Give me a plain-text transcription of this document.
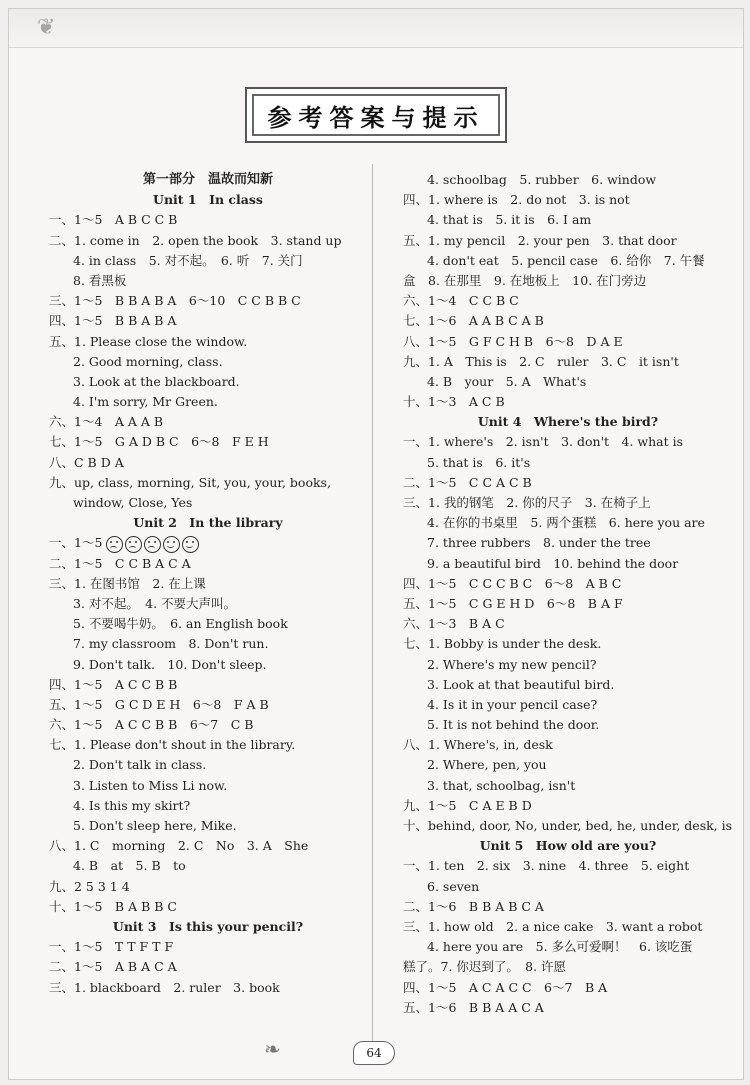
❦
参考答案与提示
第一部分　温故而知新
Unit 1　In class
一、1～5　A B C C B
二、1. come in　2. open the book　3. stand up
4. in class　5. 对不起。　6. 听　7. 关门
8. 看黑板
三、1～5　B B A B A　6～10　C C B B C
四、1～5　B B A B A
五、1. Please close the window.
2. Good morning, class.
3. Look at the blackboard.
4. I'm sorry, Mr Green.
六、1～4　A A A B
七、1～5　G A D B C　6～8　F E H
八、C B D A
九、up, class, morning, Sit, you, your, books,
window, Close, Yes
Unit 2　In the library
一、1～5
二、1～5　C C B A C A
三、1. 在图书馆　2. 在上课
3. 对不起。　4. 不要大声叫。
5. 不要喝牛奶。　6. an English book
7. my classroom　8. Don't run.
9. Don't talk.　10. Don't sleep.
四、1～5　A C C B B
五、1～5　G C D E H　6～8　F A B
六、1～5　A C C B B　6～7　C B
七、1. Please don't shout in the library.
2. Don't talk in class.
3. Listen to Miss Li now.
4. Is this my skirt?
5. Don't sleep here, Mike.
八、1. C　morning　2. C　No　3. A　She
4. B　at　5. B　to
九、2 5 3 1 4
十、1～5　B A B B C
Unit 3　Is this your pencil?
一、1～5　T T F T F
二、1～5　A B A C A
三、1. blackboard　2. ruler　3. book
4. schoolbag　5. rubber　6. window
四、1. where is　2. do not　3. is not
4. that is　5. it is　6. I am
五、1. my pencil　2. your pen　3. that door
4. don't eat　5. pencil case　6. 给你　7. 午餐
盒　8. 在那里　9. 在地板上　10. 在门旁边
六、1～4　C C B C
七、1～6　A A B C A B
八、1～5　G F C H B　6～8　D A E
九、1. A　This is　2. C　ruler　3. C　it isn't
4. B　your　5. A　What's
十、1～3　A C B
Unit 4　Where's the bird?
一、1. where's　2. isn't　3. don't　4. what is
5. that is　6. it's
二、1～5　C C A C B
三、1. 我的钢笔　2. 你的尺子　3. 在椅子上
4. 在你的书桌里　5. 两个蛋糕　6. here you are
7. three rubbers　8. under the tree
9. a beautiful bird　10. behind the door
四、1～5　C C C B C　6～8　A B C
五、1～5　C G E H D　6～8　B A F
六、1～3　B A C
七、1. Bobby is under the desk.
2. Where's my new pencil?
3. Look at that beautiful bird.
4. Is it in your pencil case?
5. It is not behind the door.
八、1. Where's, in, desk
2. Where, pen, you
3. that, schoolbag, isn't
九、1～5　C A E B D
十、behind, door, No, under, bed, he, under, desk, is
Unit 5　How old are you?
一、1. ten　2. six　3. nine　4. three　5. eight
6. seven
二、1～6　B B A B C A
三、1. how old　2. a nice cake　3. want a robot
4. here you are　5. 多么可爱啊！　6. 该吃蛋
糕了。7. 你迟到了。　8. 许愿
四、1～5　A C A C C　6～7　B A
五、1～6　B B A A C A
❧	64
